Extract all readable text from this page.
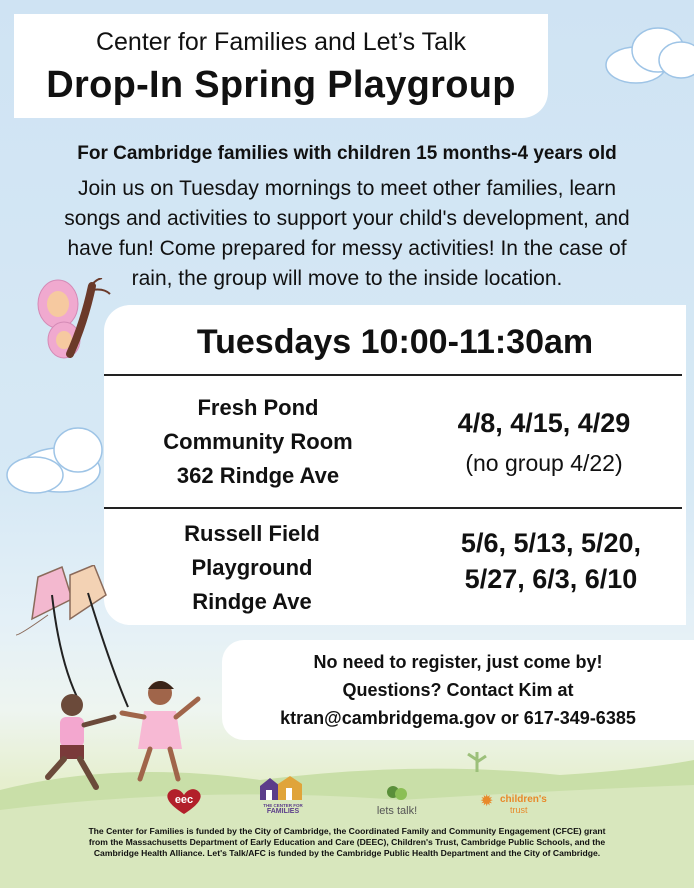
Center for Families and Let’s Talk
Drop-In Spring Playgroup
For Cambridge families with children 15 months-4 years old
Join us on Tuesday mornings to meet other families, learn
songs and activities to support your child's development, and
have fun! Come prepared for messy activities! In the case of
rain, the group will move to the inside location.
Tuesdays 10:00-11:30am
Fresh Pond
Community Room
362 Rindge Ave
4/8, 4/15, 4/29
(no group 4/22)
Russell Field
Playground
Rindge Ave
5/6, 5/13, 5/20,
5/27, 6/3, 6/10
No need to register, just come by!
Questions? Contact Kim at
ktran@cambridgema.gov or 617-349-6385
eec	THE CENTER FOR
FAMILIES	lets talk!
✹ children's
trust
The Center for Families is funded by the City of Cambridge, the Coordinated Family and Community Engagement (CFCE) grant
from the Massachusetts Department of Early Education and Care (DEEC), Children's Trust, Cambridge Public Schools, and the
Cambridge Health Alliance. Let's Talk/AFC is funded by the Cambridge Public Health Department and the City of Cambridge.
